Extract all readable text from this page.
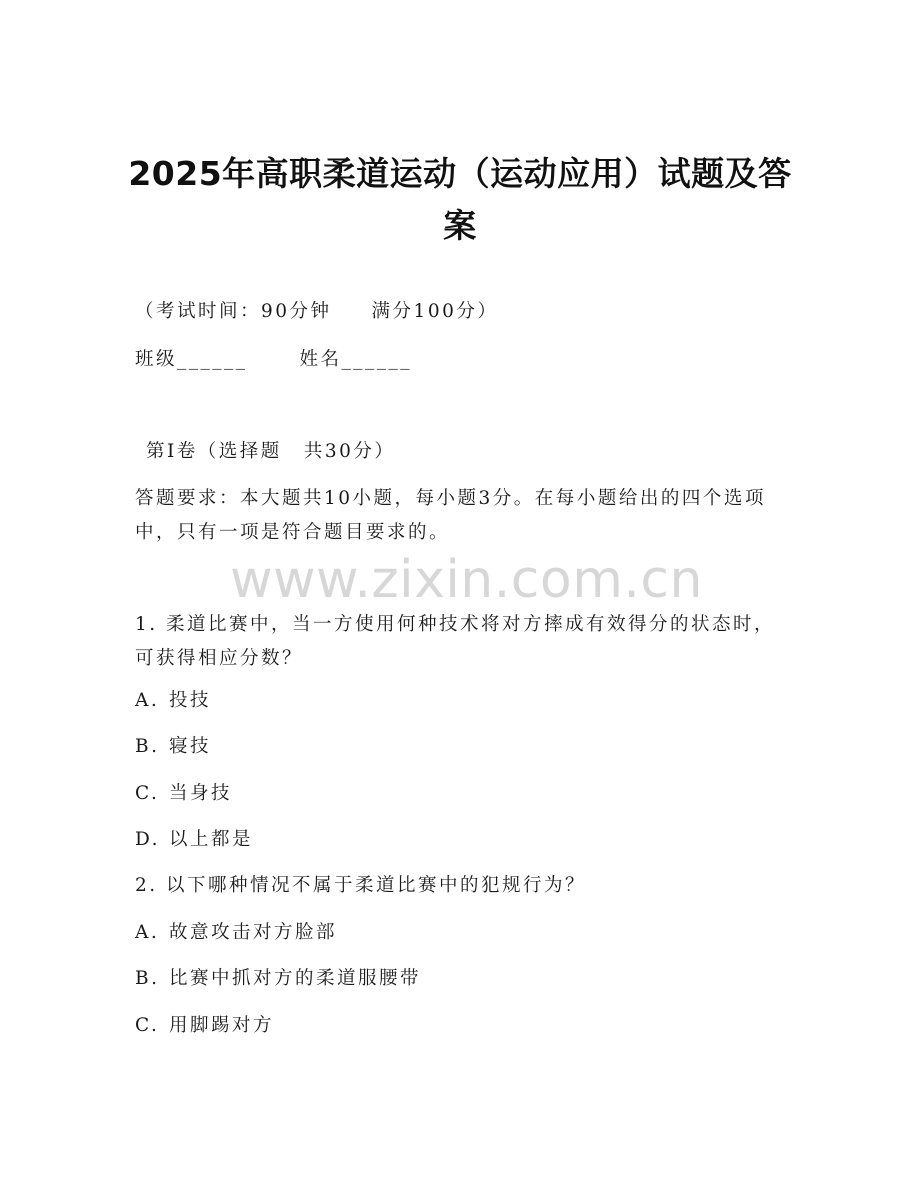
2025年高职柔道运动（运动应用）试题及答案

（考试时间：90分钟 满分100分）

班级______	姓名______

第Ⅰ卷（选择题 共30分）

答题要求：本大题共10小题，每小题3分。在每小题给出的四个选项中，只有一项是符合题目要求的。

www.zixin.com.cn

1. 柔道比赛中，当一方使用何种技术将对方摔成有效得分的状态时，可获得相应分数？

A. 投技

B. 寝技

C. 当身技

D. 以上都是

2. 以下哪种情况不属于柔道比赛中的犯规行为？

A. 故意攻击对方脸部

B. 比赛中抓对方的柔道服腰带

C. 用脚踢对方
